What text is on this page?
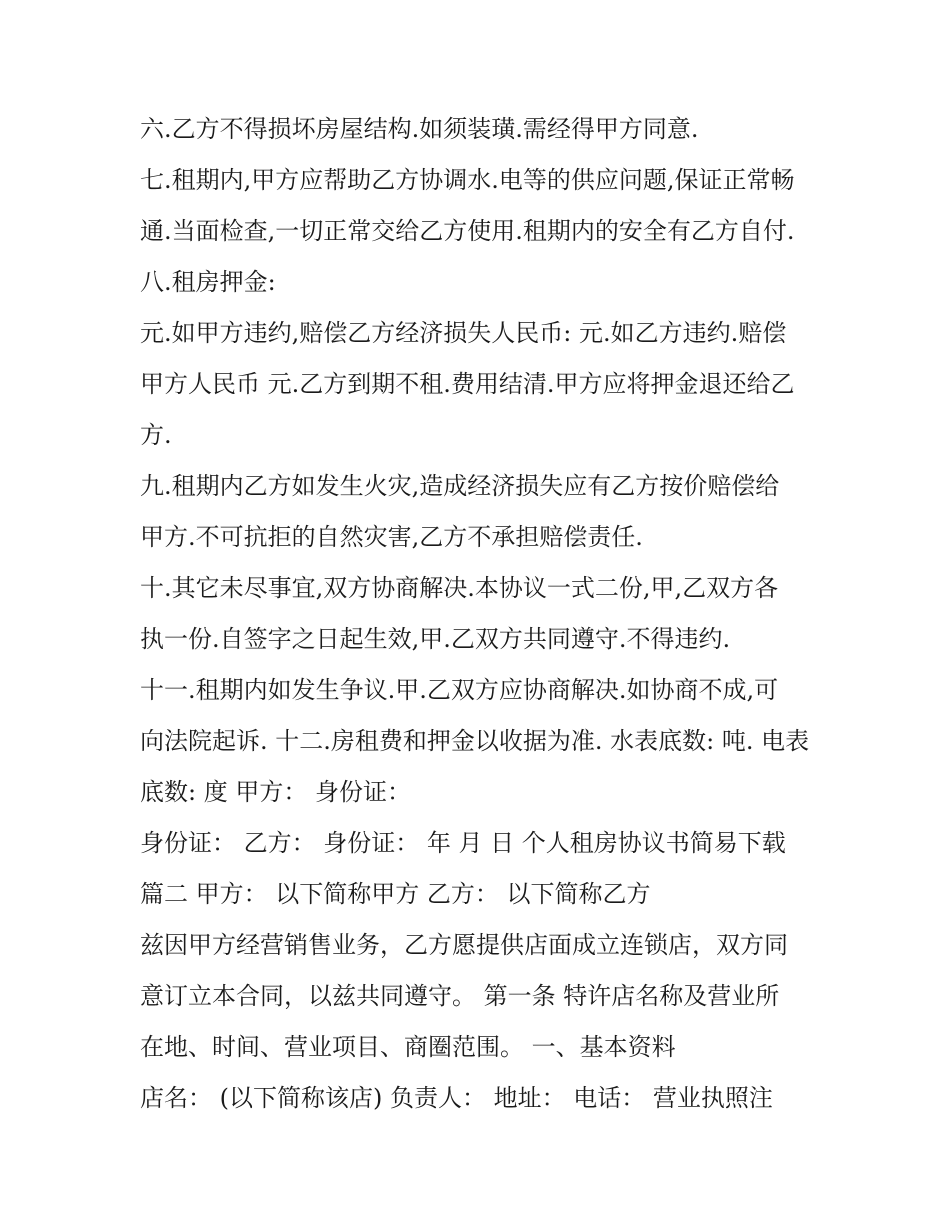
六.乙方不得损坏房屋结构.如须装璜.需经得甲方同意.
七.租期内,甲方应帮助乙方协调水.电等的供应问题,保证正常畅
通.当面检查,一切正常交给乙方使用.租期内的安全有乙方自付.
八.租房押金:
元.如甲方违约,赔偿乙方经济损失人民币: 元.如乙方违约.赔偿
甲方人民币 元.乙方到期不租.费用结清.甲方应将押金退还给乙
方.
九.租期内乙方如发生火灾,造成经济损失应有乙方按价赔偿给
甲方.不可抗拒的自然灾害,乙方不承担赔偿责任.
十.其它未尽事宜,双方协商解决.本协议一式二份,甲,乙双方各
执一份.自签字之日起生效,甲.乙双方共同遵守.不得违约.
十一.租期内如发生争议.甲.乙双方应协商解决.如协商不成,可
向法院起诉. 十二.房租费和押金以收据为准. 水表底数: 吨. 电表
底数: 度 甲方： 身份证：
身份证： 乙方： 身份证： 年 月 日 个人租房协议书简易下载
篇二 甲方： 以下简称甲方 乙方： 以下简称乙方
兹因甲方经营销售业务，乙方愿提供店面成立连锁店，双方同
意订立本合同，以兹共同遵守。 第一条 特许店名称及营业所
在地、时间、营业项目、商圈范围。 一、基本资料
店名： (以下简称该店) 负责人： 地址： 电话： 营业执照注
